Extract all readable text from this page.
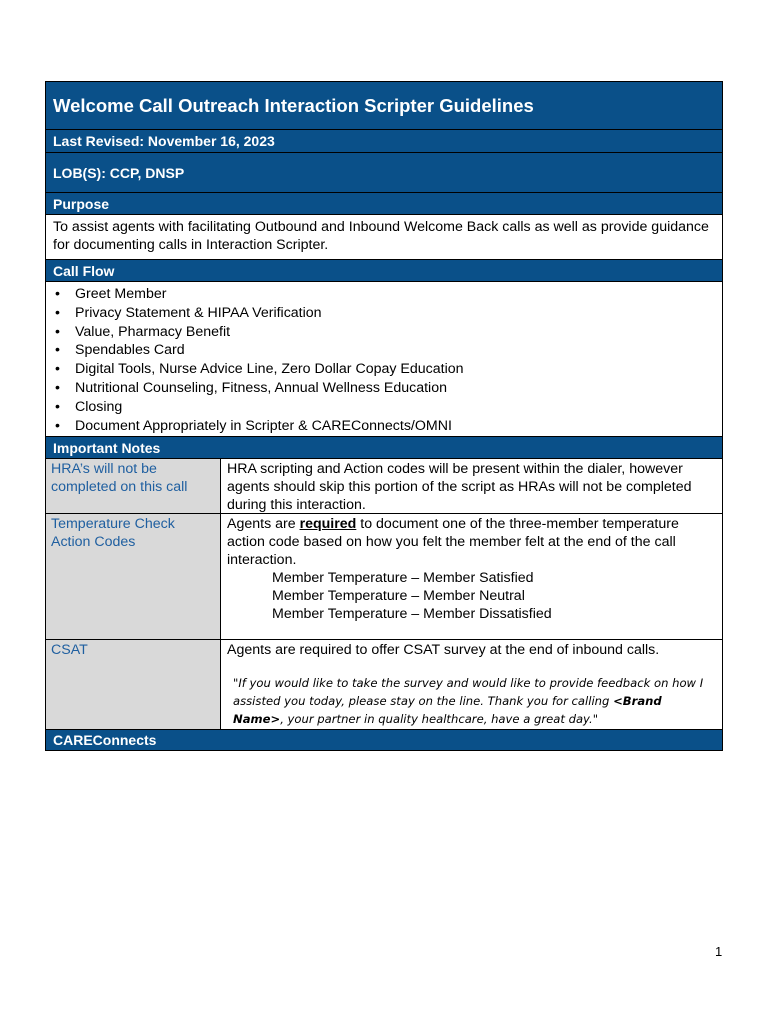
Welcome Call Outreach Interaction Scripter Guidelines
Last Revised: November 16, 2023
LOB(S): CCP, DNSP
Purpose
To assist agents with facilitating Outbound and Inbound Welcome Back calls as well as provide guidance for documenting calls in Interaction Scripter.
Call Flow
• Greet Member
• Privacy Statement & HIPAA Verification
• Value, Pharmacy Benefit
• Spendables Card
• Digital Tools, Nurse Advice Line, Zero Dollar Copay Education
• Nutritional Counseling, Fitness, Annual Wellness Education
• Closing
• Document Appropriately in Scripter & CAREConnects/OMNI
Important Notes
HRA’s will not be completed on this call
HRA scripting and Action codes will be present within the dialer, however agents should skip this portion of the script as HRAs will not be completed during this interaction.
Temperature Check Action Codes
Agents are required to document one of the three-member temperature action code based on how you felt the member felt at the end of the call interaction.
Member Temperature – Member Satisfied
Member Temperature – Member Neutral
Member Temperature – Member Dissatisfied
CSAT	Agents are required to offer CSAT survey at the end of inbound calls.
"If you would like to take the survey and would like to provide feedback on how I assisted you today, please stay on the line. Thank you for calling <Brand Name>, your partner in quality healthcare, have a great day."
CAREConnects
1
